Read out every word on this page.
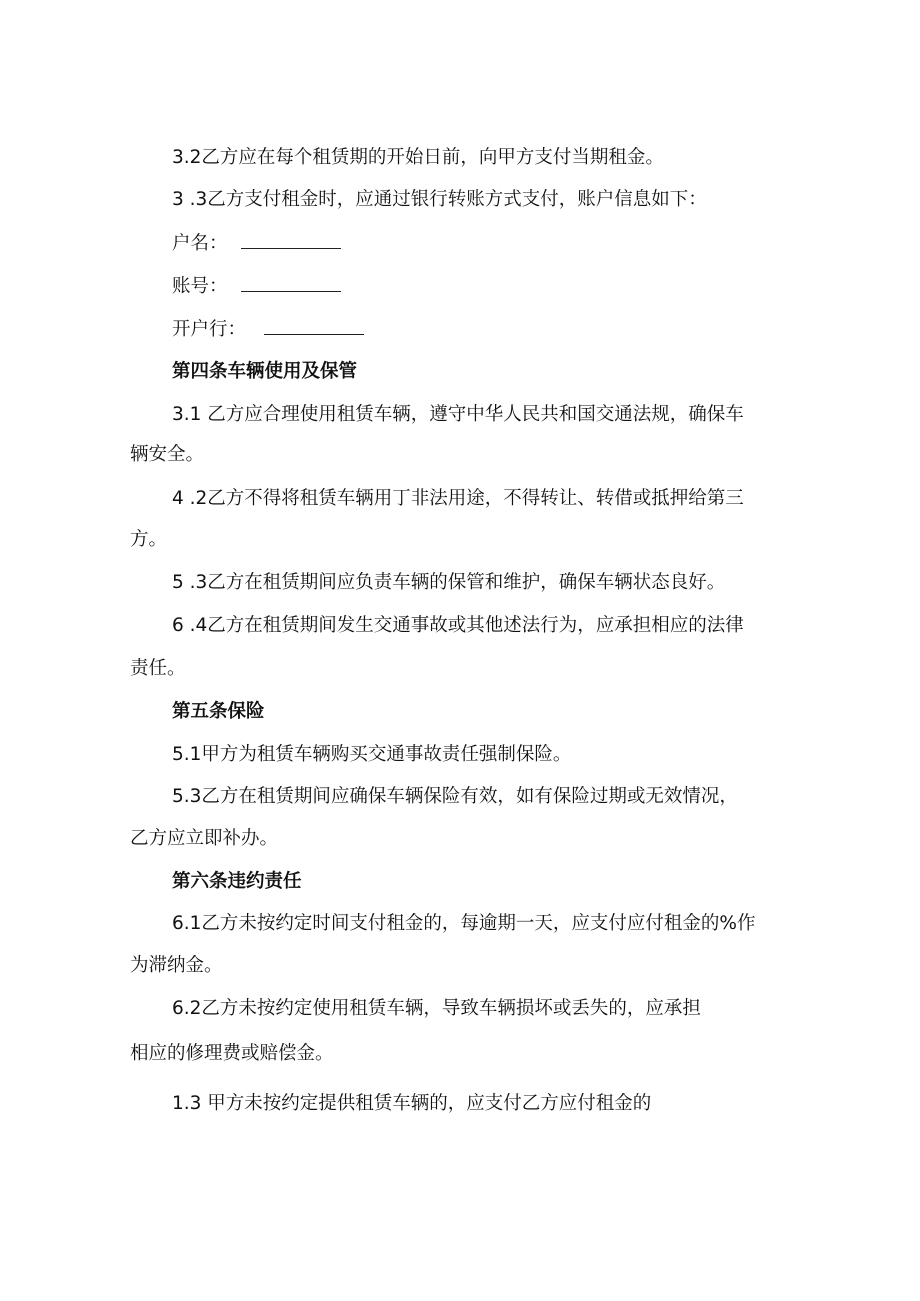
3.2乙方应在每个租赁期的开始日前，向甲方支付当期租金。

3 .3乙方支付租金时，应通过银行转账方式支付，账户信息如下：

户名：

账号：

开户行：

第四条车辆使用及保管

3.1 乙方应合理使用租赁车辆，遵守中华人民共和国交通法规，确保车

辆安全。

4 .2乙方不得将租赁车辆用丁非法用途，不得转让、转借或抵押给第三

方。

5 .3乙方在租赁期间应负责车辆的保管和维护，确保车辆状态良好。

6 .4乙方在租赁期间发生交通事故或其他述法行为，应承担相应的法律

责任。

第五条保险

5.1甲方为租赁车辆购买交通事故责任强制保险。

5.3乙方在租赁期间应确保车辆保险有效，如有保险过期或无效情况，

乙方应立即补办。

第六条违约责任

6.1乙方未按约定时间支付租金的，每逾期一天，应支付应付租金的%作

为滞纳金。

6.2乙方未按约定使用租赁车辆，导致车辆损坏或丢失的，应承担

相应的修理费或赔偿金。

1.3 甲方未按约定提供租赁车辆的，应支付乙方应付租金的
